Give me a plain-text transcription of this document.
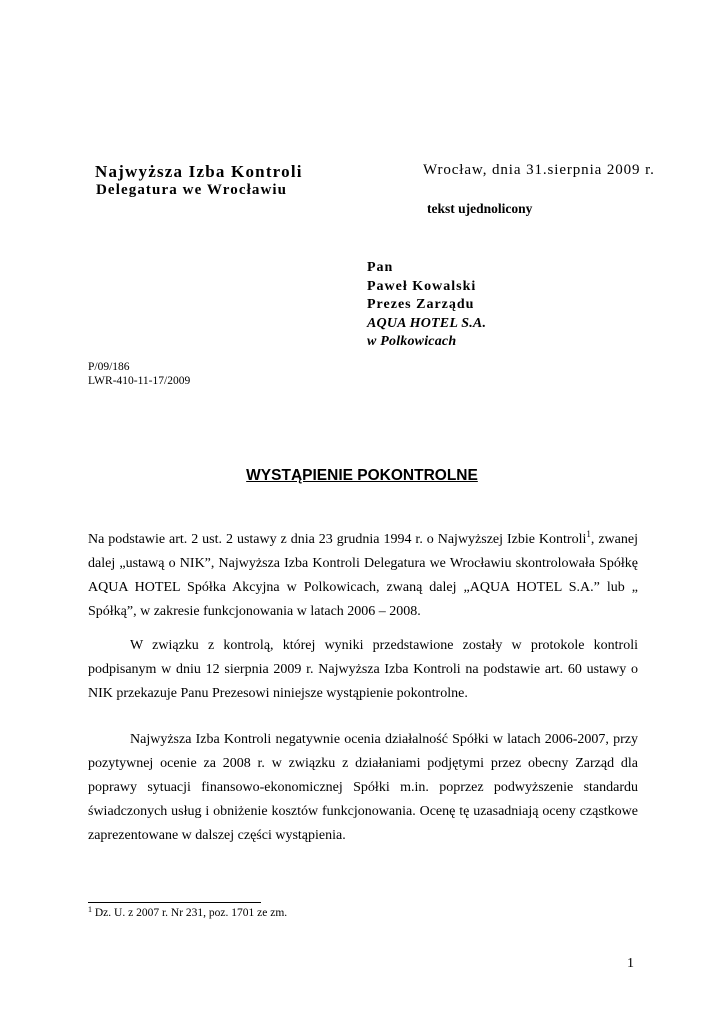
Najwyższa Izba Kontroli
Delegatura we Wrocławiu
Wrocław, dnia 31.sierpnia 2009 r.
tekst ujednolicony
Pan
Paweł Kowalski
Prezes Zarządu
AQUA HOTEL S.A.
w Polkowicach
P/09/186
LWR-410-11-17/2009
WYSTĄPIENIE POKONTROLNE
Na podstawie art. 2 ust. 2 ustawy z dnia 23 grudnia 1994 r. o Najwyższej Izbie Kontroli$^1$, zwanej dalej „ustawą o NIK”, Najwyższa Izba Kontroli Delegatura we Wrocławiu skontrolowała Spółkę AQUA HOTEL Spółka Akcyjna w Polkowicach, zwaną dalej „AQUA HOTEL S.A.” lub „ Spółką”, w zakresie funkcjonowania w latach 2006 – 2008.
W związku z kontrolą, której wyniki przedstawione zostały w protokole kontroli podpisanym w dniu 12 sierpnia 2009 r. Najwyższa Izba Kontroli na podstawie art. 60 ustawy o NIK przekazuje Panu Prezesowi niniejsze wystąpienie pokontrolne.
Najwyższa Izba Kontroli negatywnie ocenia działalność Spółki w latach 2006-2007, przy pozytywnej ocenie za 2008 r. w związku z działaniami podjętymi przez obecny Zarząd dla poprawy sytuacji finansowo-ekonomicznej Spółki m.in. poprzez podwyższenie standardu świadczonych usług i obniżenie kosztów funkcjonowania. Ocenę tę uzasadniają oceny cząstkowe zaprezentowane w dalszej części wystąpienia.
$^1$ Dz. U. z 2007 r. Nr 231, poz. 1701 ze zm.
1
